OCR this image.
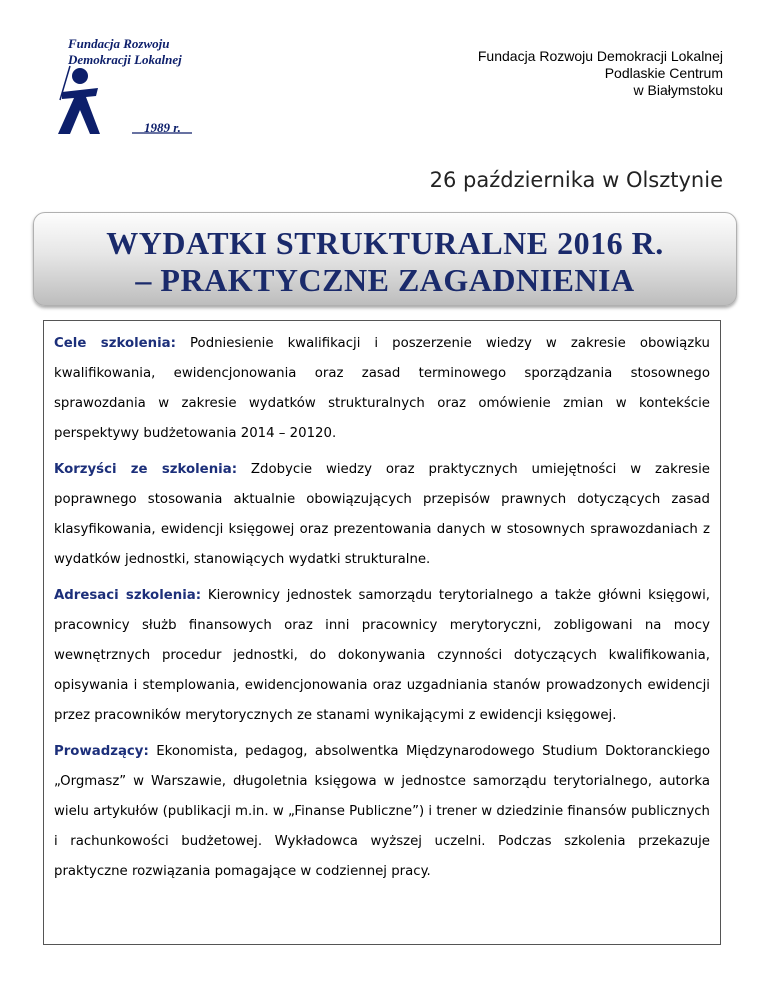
Fundacja Rozwoju
Demokracji Lokalnej
1989 r.
Fundacja Rozwoju Demokracji Lokalnej
Podlaskie Centrum
w Białymstoku
26 października w Olsztynie
WYDATKI STRUKTURALNE 2016 R.
– PRAKTYCZNE ZAGADNIENIA
Cele szkolenia: Podniesienie kwalifikacji i poszerzenie wiedzy w zakresie obowiązku kwalifikowania, ewidencjonowania oraz zasad terminowego sporządzania stosownego sprawozdania w zakresie wydatków strukturalnych oraz omówienie zmian w kontekście perspektywy budżetowania 2014 – 20120.
Korzyści ze szkolenia: Zdobycie wiedzy oraz praktycznych umiejętności w zakresie poprawnego stosowania aktualnie obowiązujących przepisów prawnych dotyczących zasad klasyfikowania, ewidencji księgowej oraz prezentowania danych w stosownych sprawozdaniach z wydatków jednostki, stanowiących wydatki strukturalne.
Adresaci szkolenia: Kierownicy jednostek samorządu terytorialnego a także główni księgowi, pracownicy służb finansowych oraz inni pracownicy merytoryczni, zobligowani na mocy wewnętrznych procedur jednostki, do dokonywania czynności dotyczących kwalifikowania, opisywania i stemplowania, ewidencjonowania oraz uzgadniania stanów prowadzonych ewidencji przez pracowników merytorycznych ze stanami wynikającymi z ewidencji księgowej.
Prowadzący: Ekonomista, pedagog, absolwentka Międzynarodowego Studium Doktoranckiego „Orgmasz” w Warszawie, długoletnia księgowa w jednostce samorządu terytorialnego, autorka wielu artykułów (publikacji m.in. w „Finanse Publiczne”) i trener w dziedzinie finansów publicznych i rachunkowości budżetowej. Wykładowca wyższej uczelni. Podczas szkolenia przekazuje praktyczne rozwiązania pomagające w codziennej pracy.
